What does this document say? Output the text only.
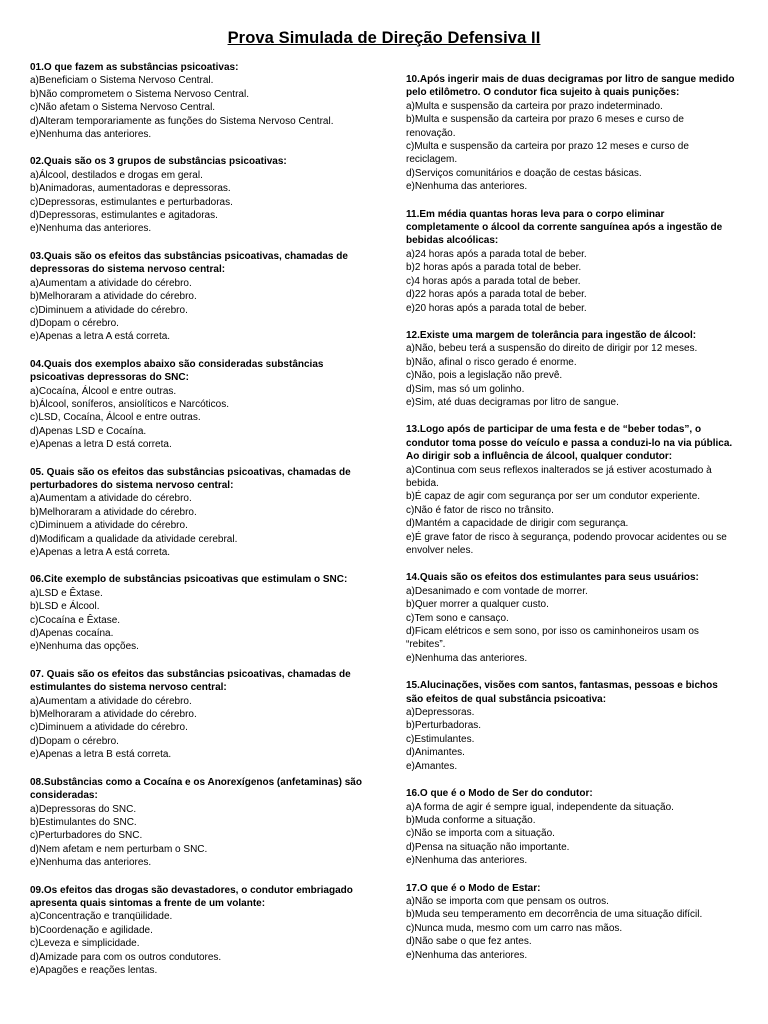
Prova Simulada de Direção Defensiva II

01.O que fazem as substâncias psicoativas:

a)Beneficiam o Sistema Nervoso Central.

b)Não comprometem o Sistema Nervoso Central.

c)Não afetam o Sistema Nervoso Central.

d)Alteram temporariamente as funções do Sistema Nervoso Central.

e)Nenhuma das anteriores.

02.Quais são os 3 grupos de substâncias psicoativas:

a)Álcool, destilados e drogas em geral.

b)Animadoras, aumentadoras e depressoras.

c)Depressoras, estimulantes e perturbadoras.

d)Depressoras, estimulantes e agitadoras.

e)Nenhuma das anteriores.

03.Quais são os efeitos das substâncias psicoativas, chamadas de depressoras do sistema nervoso central:

a)Aumentam a atividade do cérebro.

b)Melhoraram a atividade do cérebro.

c)Diminuem a atividade do cérebro.

d)Dopam o cérebro.

e)Apenas a letra A está correta.

04.Quais dos exemplos abaixo são consideradas substâncias psicoativas depressoras do SNC:

a)Cocaína, Álcool e entre outras.

b)Álcool, soníferos, ansiolíticos e Narcóticos.

c)LSD, Cocaína, Álcool e entre outras.

d)Apenas LSD e Cocaína.

e)Apenas a letra D está correta.

05. Quais são os efeitos das substâncias psicoativas, chamadas de perturbadores do sistema nervoso central:

a)Aumentam a atividade do cérebro.

b)Melhoraram a atividade do cérebro.

c)Diminuem a atividade do cérebro.

d)Modificam a qualidade da atividade cerebral.

e)Apenas a letra A está correta.

06.Cite exemplo de substâncias psicoativas que estimulam o SNC:

a)LSD e Êxtase.

b)LSD e Álcool.

c)Cocaína e Êxtase.

d)Apenas cocaína.

e)Nenhuma das opções.

07. Quais são os efeitos das substâncias psicoativas, chamadas de estimulantes do sistema nervoso central:

a)Aumentam a atividade do cérebro.

b)Melhoraram a atividade do cérebro.

c)Diminuem a atividade do cérebro.

d)Dopam o cérebro.

e)Apenas a letra B está correta.

08.Substâncias como a Cocaína e os Anorexígenos (anfetaminas) são consideradas:

a)Depressoras do SNC.

b)Estimulantes do SNC.

c)Perturbadores do SNC.

d)Nem afetam e nem perturbam o SNC.

e)Nenhuma das anteriores.

09.Os efeitos das drogas são devastadores, o condutor embriagado apresenta quais sintomas a frente de um volante:

a)Concentração e tranqüilidade.

b)Coordenação e agilidade.

c)Leveza e simplicidade.

d)Amizade para com os outros condutores.

e)Apagões e reações lentas.

10.Após ingerir mais de duas decigramas por litro de sangue medido pelo etilômetro. O condutor fica sujeito à quais punições:

a)Multa e suspensão da carteira por prazo indeterminado.

b)Multa e suspensão da carteira por prazo 6 meses e curso de renovação.

c)Multa e suspensão da carteira por prazo 12 meses e curso de reciclagem.

d)Serviços comunitários e doação de cestas básicas.

e)Nenhuma das anteriores.

11.Em média quantas horas leva para o corpo eliminar completamente o álcool da corrente sanguínea após a ingestão de bebidas alcoólicas:

a)24 horas após a parada total de beber.

b)2 horas após a parada total de beber.

c)4 horas após a parada total de beber.

d)22 horas após a parada total de beber.

e)20 horas após a parada total de beber.

12.Existe uma margem de tolerância para ingestão de álcool:

a)Não, bebeu terá a suspensão do direito de dirigir por 12 meses.

b)Não, afinal o risco gerado é enorme.

c)Não, pois a legislação não prevê.

d)Sim, mas só um golinho.

e)Sim, até duas decigramas por litro de sangue.

13.Logo após de participar de uma festa e de “beber todas”, o condutor toma posse do veículo e passa a conduzi-lo na via pública. Ao dirigir sob a influência de álcool, qualquer condutor:

a)Continua com seus reflexos inalterados se já estiver acostumado à bebida.

b)É capaz de agir com segurança por ser um condutor experiente.

c)Não é fator de risco no trânsito.

d)Mantém a capacidade de dirigir com segurança.

e)É grave fator de risco à segurança, podendo provocar acidentes ou se envolver neles.

14.Quais são os efeitos dos estimulantes para seus usuários:

a)Desanimado e com vontade de morrer.

b)Quer morrer a qualquer custo.

c)Tem sono e cansaço.

d)Ficam elétricos e sem sono, por isso os caminhoneiros usam os “rebites”.

e)Nenhuma das anteriores.

15.Alucinações, visões com santos, fantasmas, pessoas e bichos são efeitos de qual substância psicoativa:

a)Depressoras.

b)Perturbadoras.

c)Estimulantes.

d)Animantes.

e)Amantes.

16.O que é o Modo de Ser do condutor:

a)A forma de agir é sempre igual, independente da situação.

b)Muda conforme a situação.

c)Não se importa com a situação.

d)Pensa na situação não importante.

e)Nenhuma das anteriores.

17.O que é o Modo de Estar:

a)Não se importa com que pensam os outros.

b)Muda seu temperamento em decorrência de uma situação difícil.

c)Nunca muda, mesmo com um carro nas mãos.

d)Não sabe o que fez antes.

e)Nenhuma das anteriores.
